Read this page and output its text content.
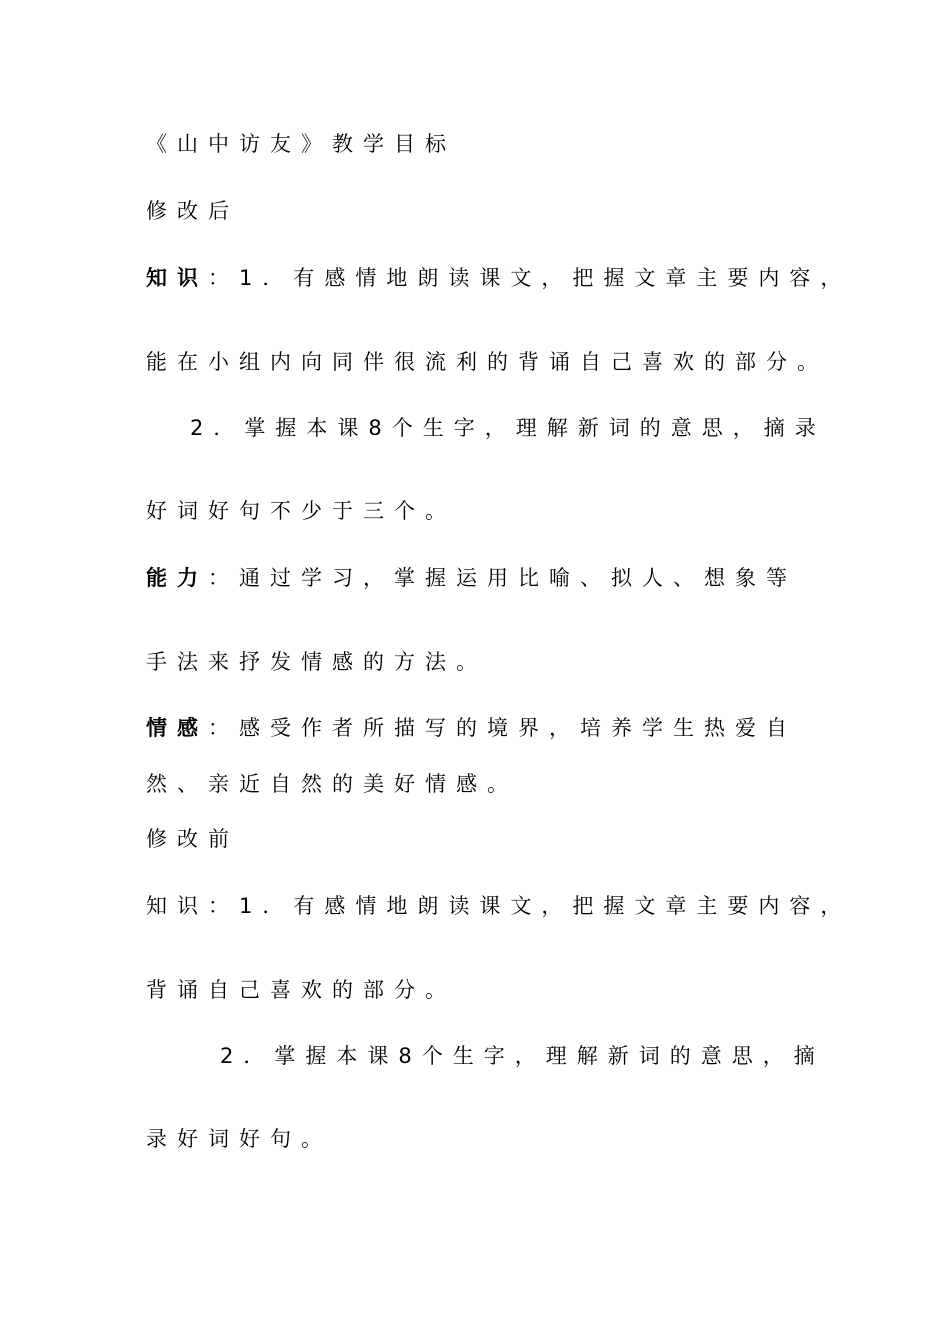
《山中访友》教学目标
修改后
知识：1．有感情地朗读课文，把握文章主要内容，
能在小组内向同伴很流利的背诵自己喜欢的部分。
2．掌握本课8个生字，理解新词的意思，摘录
好词好句不少于三个。
能力：通过学习，掌握运用比喻、拟人、想象等
手法来抒发情感的方法。
情感：感受作者所描写的境界，培养学生热爱自
然、亲近自然的美好情感。
修改前
知识：1．有感情地朗读课文，把握文章主要内容，
背诵自己喜欢的部分。
2．掌握本课8个生字，理解新词的意思，摘
录好词好句。
